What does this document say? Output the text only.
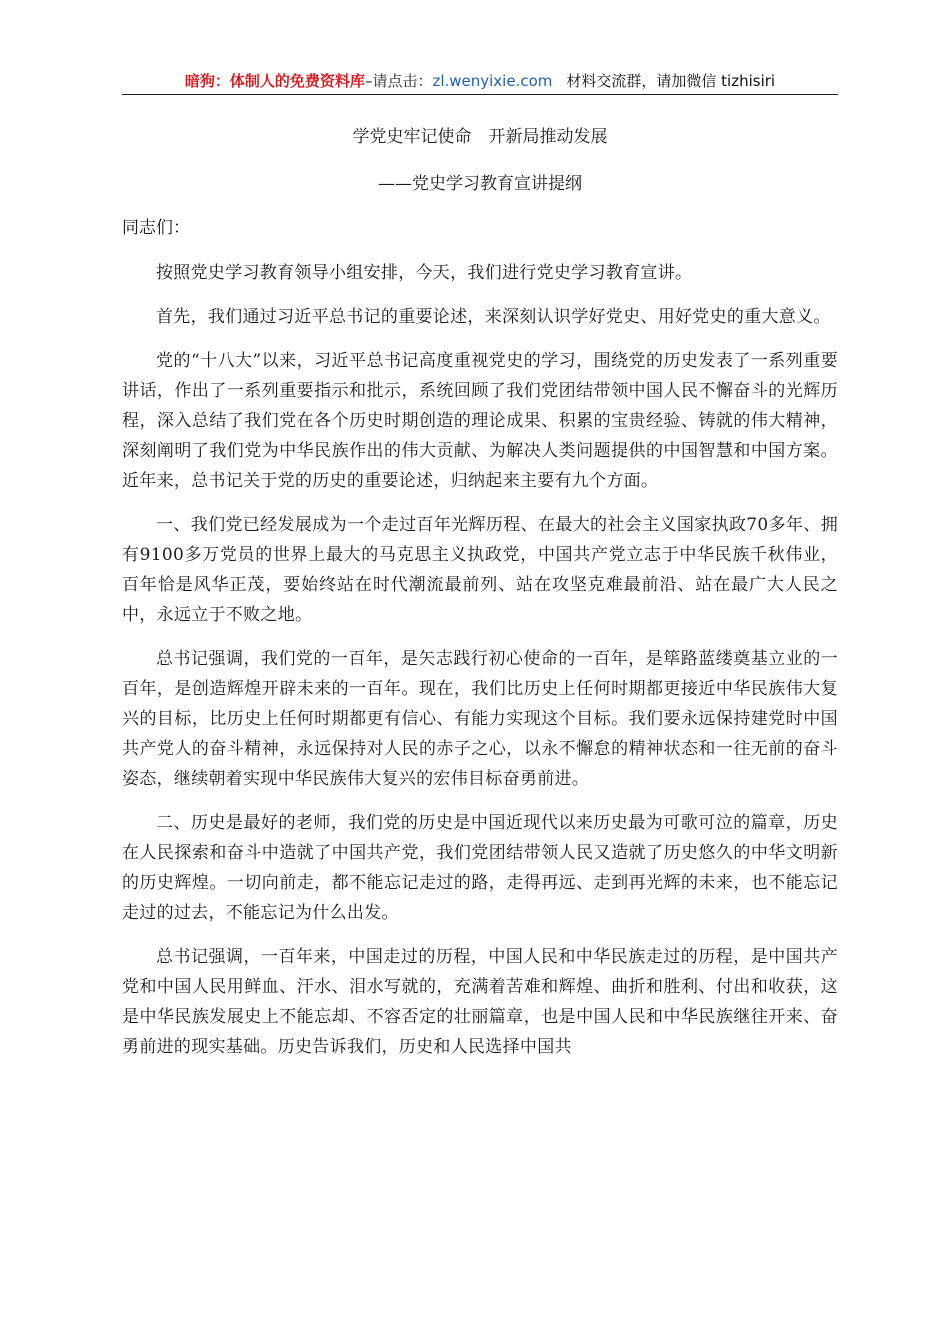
暗狗：体制人的免费资料库–请点击：zl.wenyixie.com 材料交流群，请加微信 tizhisiri
学党史牢记使命　开新局推动发展
——党史学习教育宣讲提纲
同志们：

按照党史学习教育领导小组安排，今天，我们进行党史学习教育宣讲。

首先，我们通过习近平总书记的重要论述，来深刻认识学好党史、用好党史的重大意义。

党的“十八大”以来，习近平总书记高度重视党史的学习，围绕党的历史发表了一系列重要讲话，作出了一系列重要指示和批示，系统回顾了我们党团结带领中国人民不懈奋斗的光辉历程，深入总结了我们党在各个历史时期创造的理论成果、积累的宝贵经验、铸就的伟大精神，深刻阐明了我们党为中华民族作出的伟大贡献、为解决人类问题提供的中国智慧和中国方案。近年来，总书记关于党的历史的重要论述，归纳起来主要有九个方面。

一、我们党已经发展成为一个走过百年光辉历程、在最大的社会主义国家执政70多年、拥有9100多万党员的世界上最大的马克思主义执政党，中国共产党立志于中华民族千秋伟业，百年恰是风华正茂，要始终站在时代潮流最前列、站在攻坚克难最前沿、站在最广大人民之中，永远立于不败之地。

总书记强调，我们党的一百年，是矢志践行初心使命的一百年，是筚路蓝缕奠基立业的一百年，是创造辉煌开辟未来的一百年。现在，我们比历史上任何时期都更接近中华民族伟大复兴的目标，比历史上任何时期都更有信心、有能力实现这个目标。我们要永远保持建党时中国共产党人的奋斗精神，永远保持对人民的赤子之心，以永不懈怠的精神状态和一往无前的奋斗姿态，继续朝着实现中华民族伟大复兴的宏伟目标奋勇前进。

二、历史是最好的老师，我们党的历史是中国近现代以来历史最为可歌可泣的篇章，历史在人民探索和奋斗中造就了中国共产党，我们党团结带领人民又造就了历史悠久的中华文明新的历史辉煌。一切向前走，都不能忘记走过的路，走得再远、走到再光辉的未来，也不能忘记走过的过去，不能忘记为什么出发。

总书记强调，一百年来，中国走过的历程，中国人民和中华民族走过的历程，是中国共产党和中国人民用鲜血、汗水、泪水写就的，充满着苦难和辉煌、曲折和胜利、付出和收获，这是中华民族发展史上不能忘却、不容否定的壮丽篇章，也是中国人民和中华民族继往开来、奋勇前进的现实基础。历史告诉我们，历史和人民选择中国共
